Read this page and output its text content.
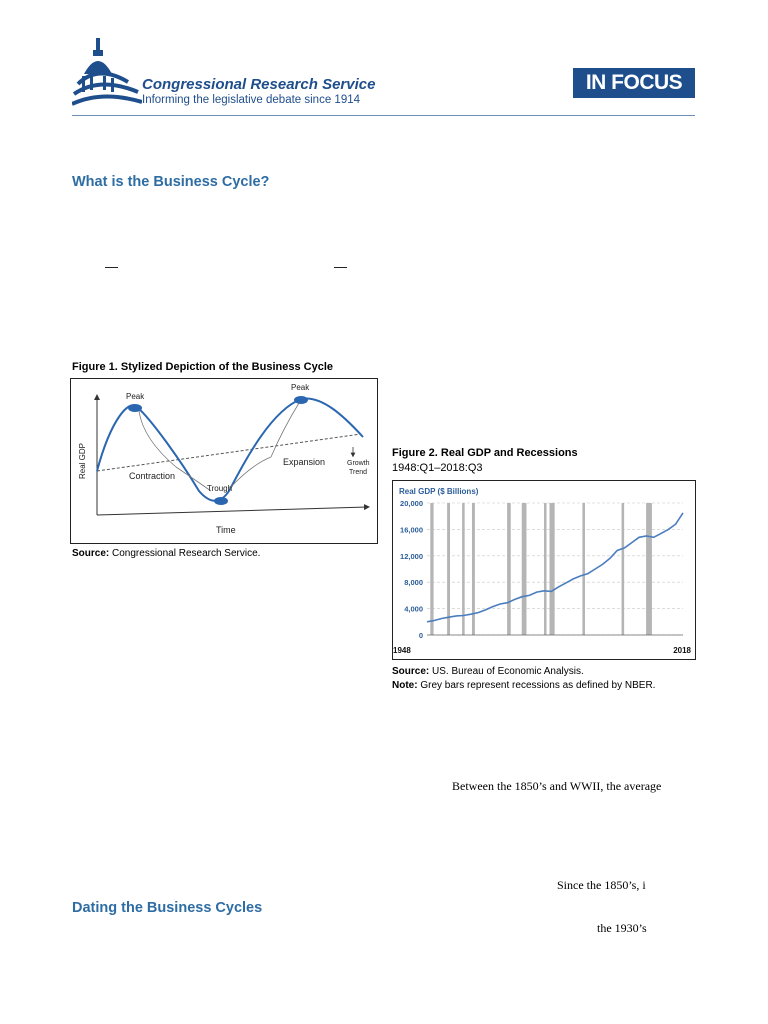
Congressional Research Service
Informing the legislative debate since 1914
IN FOCUS
What is the Business Cycle?
—	—
Figure 1. Stylized Depiction of the Business Cycle
Peak
Peak
Trough
Contraction
Expansion	Growth
Trend
Time
Real GDP
Source: Congressional Research Service.
Figure 2. Real GDP and Recessions
1948:Q1–2018:Q3
Real GDP ($ Billions)
0
4,000
8,000
12,000
16,000
20,000
1948	2018
Source: US. Bureau of Economic Analysis.
Note: Grey bars represent recessions as defined by NBER.
Between the 1850’s and WWII, the average
Since the 1850’s, i
Dating the Business Cycles
the 1930’s
